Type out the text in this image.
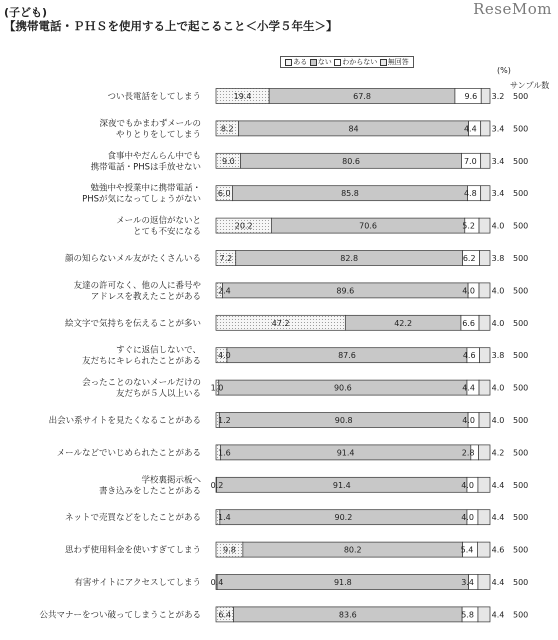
(子ども)
【携帯電話・ＰＨＳを使用する上で起こること＜小学５年生＞】
ReseMom
ある ない わからない 無回答
(%)
サンプル数
つい長電話をしてしまう	19.4	67.8	9.6 3.2 500
深夜でもかまわずメールの
やりとりをしてしまう
8.2	84	4.4 3.4 500
食事中やだんらん中でも
携帯電話・PHSは手放せない
9.0	80.6	7.0 3.4 500
勉強中や授業中に携帯電話・
PHSが気になってしょうがない
6.0	85.8	4.8 3.4 500
メールの返信がないと
とても不安になる
20.2	70.6	5.2 4.0 500
顔の知らないメル友がたくさんいる 7.2	82.8	6.2 3.8 500
友達の許可なく、他の人に番号や
アドレスを教えたことがある
2.4	89.6	4.0 4.0 500
絵文字で気持ちを伝えることが多い	47.2	42.2	6.6 4.0 500
すぐに返信しないで、
友だちにキレられたことがある
4.0	87.6	4.6 3.8 500
会ったことのないメールだけの
友だちが５人以上いる
1.0	90.6	4.4 4.0 500
出会い系サイトを見たくなることがある 1.2	90.8	4.0 4.0 500
メールなどでいじめられたことがある 1.6	91.4	2.8 4.2 500
学校裏掲示板へ
書き込みをしたことがある
0.2	91.4	4.0 4.4 500
ネットで売買などをしたことがある 1.4	90.2	4.0 4.4 500
思わず使用料金を使いすぎてしまう	9.8	80.2	5.4 4.6 500
有害サイトにアクセスしてしまう 0.4	91.8	3.4 4.4 500
公共マナーをつい破ってしまうことがある 6.4	83.6	5.8 4.4 500
